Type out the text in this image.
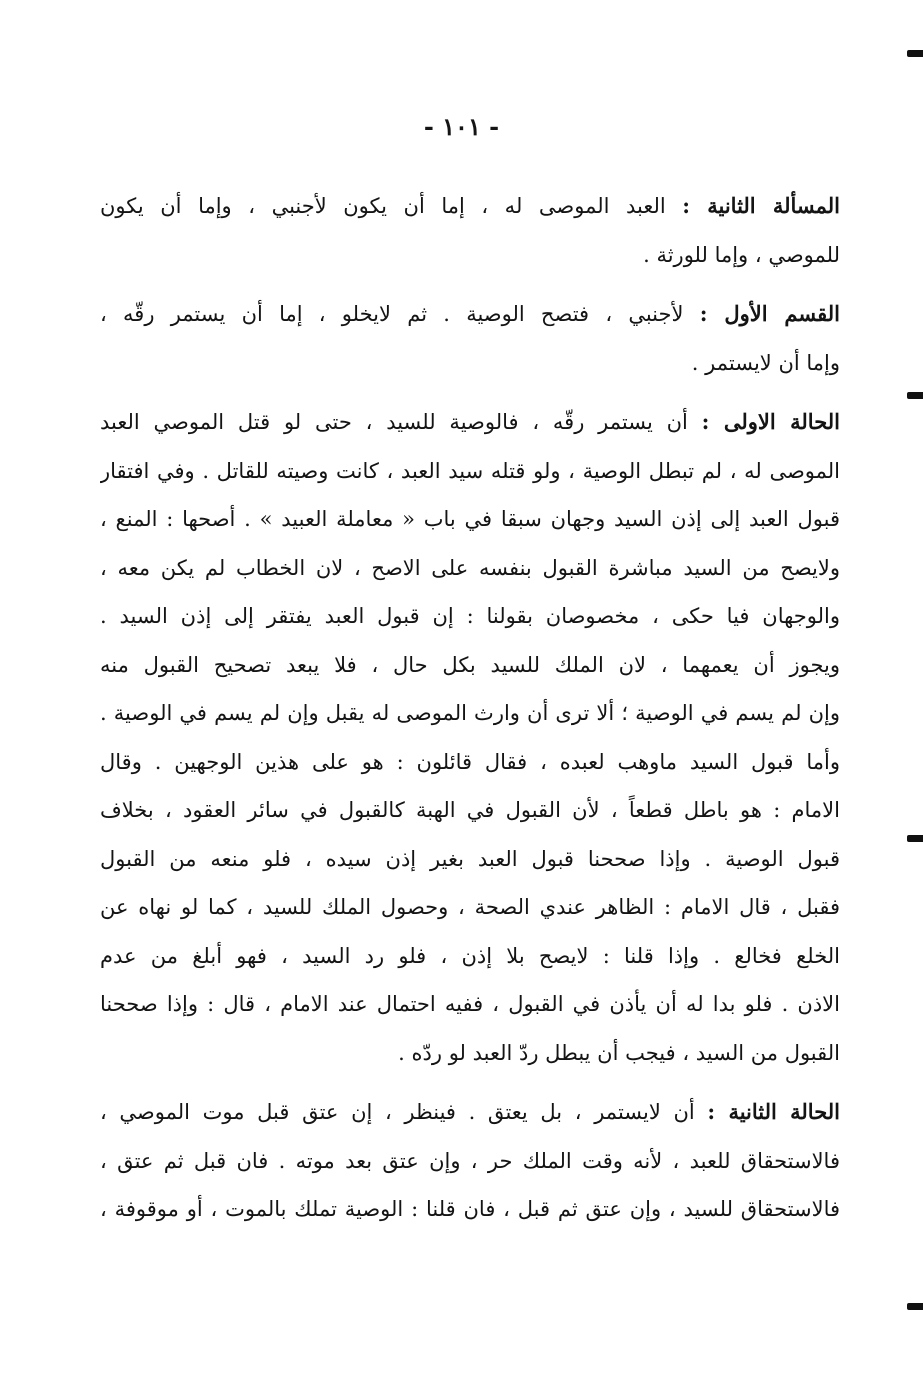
- ١٠١ -
المسألة الثانية : العبد الموصى له ، إما أن يكون لأجنبي ، وإما أن يكون
للموصي ، وإما للورثة .
القسم الأول : لأجنبي ، فتصح الوصية . ثم لايخلو ، إما أن يستمر رقّه ،
وإما أن لايستمر .
الحالة الاولى : أن يستمر رقّه ، فالوصية للسيد ، حتى لو قتل الموصي العبد
الموصى له ، لم تبطل الوصية ، ولو قتله سيد العبد ، كانت وصيته للقاتل . وفي افتقار
قبول العبد إلى إذن السيد وجهان سبقا في باب « معاملة العبيد » . أصحها : المنع ،
ولايصح من السيد مباشرة القبول بنفسه على الاصح ، لان الخطاب لم يكن معه ،
والوجهان فيا حكى ، مخصوصان بقولنا : إن قبول العبد يفتقر إلى إذن السيد .
ويجوز أن يعمهما ، لان الملك للسيد بكل حال ، فلا يبعد تصحيح القبول منه
وإن لم يسم في الوصية ؛ ألا ترى أن وارث الموصى له يقبل وإن لم يسم في الوصية .
وأما قبول السيد ماوهب لعبده ، فقال قائلون : هو على هذين الوجهين . وقال
الامام : هو باطل قطعاً ، لأن القبول في الهبة كالقبول في سائر العقود ، بخلاف
قبول الوصية . وإذا صححنا قبول العبد بغير إذن سيده ، فلو منعه من القبول
فقبل ، قال الامام : الظاهر عندي الصحة ، وحصول الملك للسيد ، كما لو نهاه عن
الخلع فخالع . وإذا قلنا : لايصح بلا إذن ، فلو رد السيد ، فهو أبلغ من عدم
الاذن . فلو بدا له أن يأذن في القبول ، ففيه احتمال عند الامام ، قال : وإذا صححنا
القبول من السيد ، فيجب أن يبطل ردّ العبد لو ردّه .
الحالة الثانية : أن لايستمر ، بل يعتق . فينظر ، إن عتق قبل موت الموصي ،
فالاستحقاق للعبد ، لأنه وقت الملك حر ، وإن عتق بعد موته . فان قبل ثم عتق ،
فالاستحقاق للسيد ، وإن عتق ثم قبل ، فان قلنا : الوصية تملك بالموت ، أو موقوفة ،
